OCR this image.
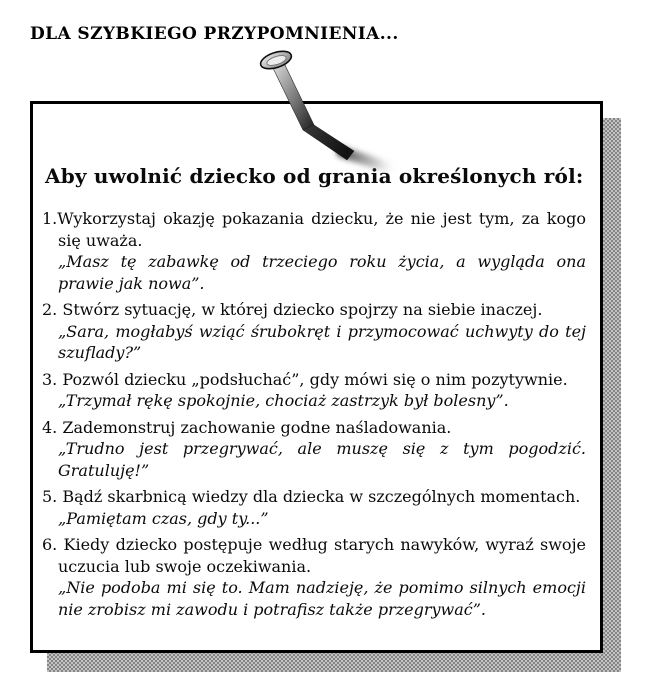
DLA SZYBKIEGO PRZYPOMNIENIA...
Aby uwolnić dziecko od grania określonych ról:

1.Wykorzystaj okazję pokazania dziecku, że nie jest tym, za kogo się uważa.

„Masz tę zabawkę od trzeciego roku życia, a wygląda ona prawie jak nowa”.

2. Stwórz sytuację, w której dziecko spojrzy na siebie inaczej.

„Sara, mogłabyś wziąć śrubokręt i przymocować uchwyty do tej szuflady?”

3. Pozwól dziecku „podsłuchać”, gdy mówi się o nim pozytywnie.

„Trzymał rękę spokojnie, chociaż zastrzyk był bolesny”.

4. Zademonstruj zachowanie godne naśladowania.

„Trudno jest przegrywać, ale muszę się z tym pogodzić. Gratuluję!”

5. Bądź skarbnicą wiedzy dla dziecka w szczególnych momentach.

„Pamiętam czas, gdy ty...”

6. Kiedy dziecko postępuje według starych nawyków, wyraź swoje uczucia lub swoje oczekiwania.

„Nie podoba mi się to. Mam nadzieję, że pomimo silnych emocji nie zrobisz mi zawodu i potrafisz także przegrywać”.
